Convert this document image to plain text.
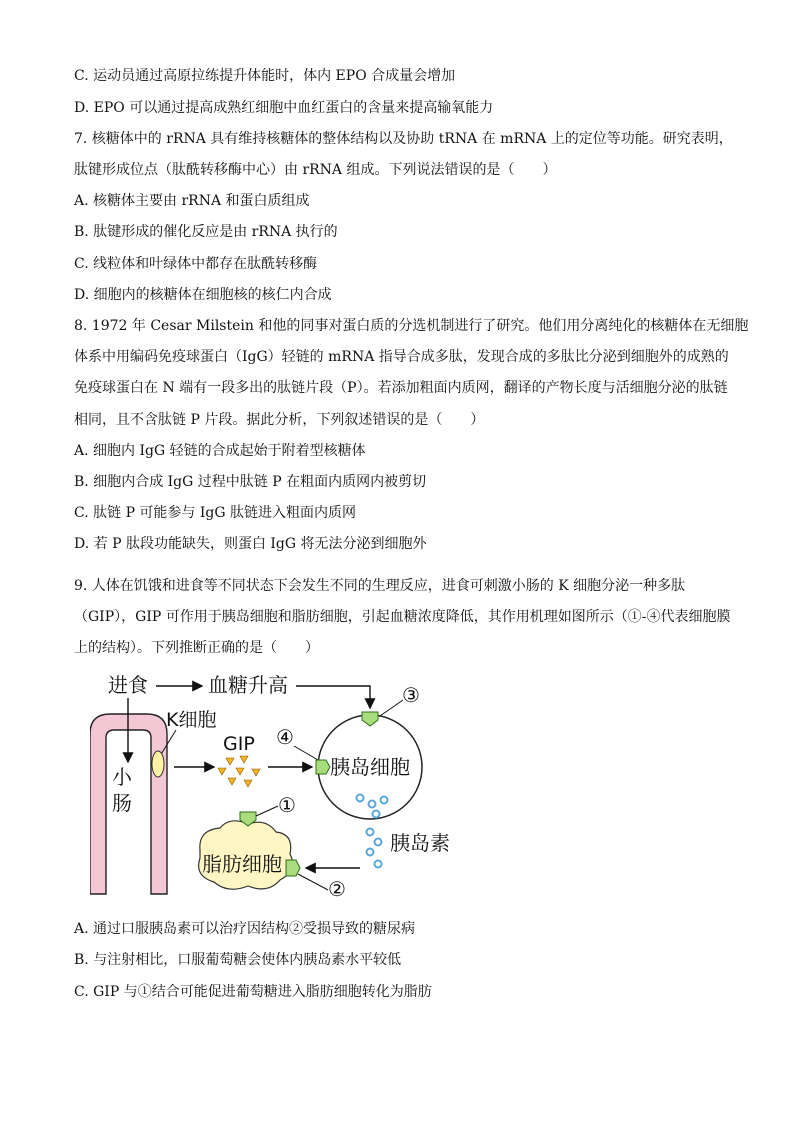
C. 运动员通过高原拉练提升体能时，体内 EPO 合成量会增加
D. EPO 可以通过提高成熟红细胞中血红蛋白的含量来提高输氧能力
7. 核糖体中的 rRNA 具有维持核糖体的整体结构以及协助 tRNA 在 mRNA 上的定位等功能。研究表明，
肽键形成位点（肽酰转移酶中心）由 rRNA 组成。下列说法错误的是（　　）
A. 核糖体主要由 rRNA 和蛋白质组成
B. 肽键形成的催化反应是由 rRNA 执行的
C. 线粒体和叶绿体中都存在肽酰转移酶
D. 细胞内的核糖体在细胞核的核仁内合成
8. 1972 年 Cesar Milstein 和他的同事对蛋白质的分选机制进行了研究。他们用分离纯化的核糖体在无细胞
体系中用编码免疫球蛋白（IgG）轻链的 mRNA 指导合成多肽，发现合成的多肽比分泌到细胞外的成熟的
免疫球蛋白在 N 端有一段多出的肽链片段（P）。若添加粗面内质网，翻译的产物长度与活细胞分泌的肽链
相同，且不含肽链 P 片段。据此分析，下列叙述错误的是（　　）
A. 细胞内 IgG 轻链的合成起始于附着型核糖体
B. 细胞内合成 IgG 过程中肽链 P 在粗面内质网内被剪切
C. 肽链 P 可能参与 IgG 肽链进入粗面内质网
D. 若 P 肽段功能缺失，则蛋白 IgG 将无法分泌到细胞外
9. 人体在饥饿和进食等不同状态下会发生不同的生理反应，进食可刺激小肠的 K 细胞分泌一种多肽
（GIP），GIP 可作用于胰岛细胞和脂肪细胞，引起血糖浓度降低，其作用机理如图所示（①-④代表细胞膜
上的结构）。下列推断正确的是（　　）
小
肠
进食	血糖升高
K细胞
GIP ④
胰岛细胞
③
胰岛素
脂肪细胞
①
②
A. 通过口服胰岛素可以治疗因结构②受损导致的糖尿病
B. 与注射相比，口服葡萄糖会使体内胰岛素水平较低
C. GIP 与①结合可能促进葡萄糖进入脂肪细胞转化为脂肪
